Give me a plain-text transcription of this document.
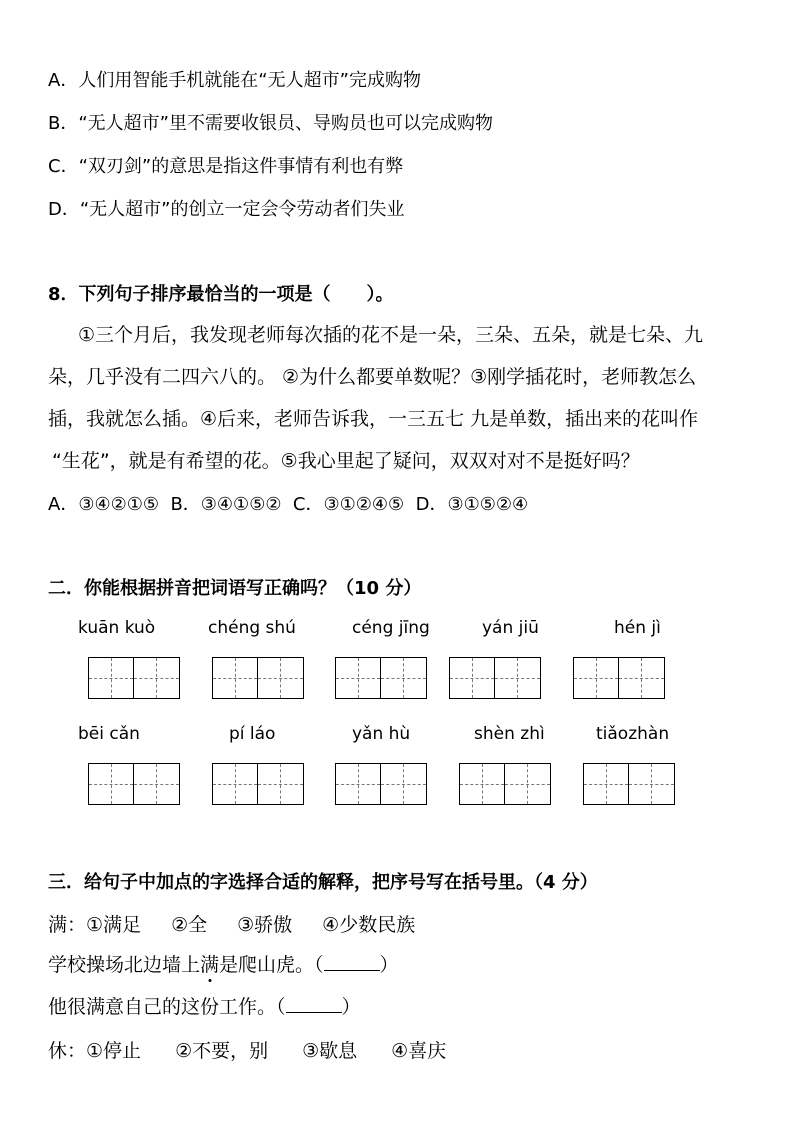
A．人们用智能手机就能在“无人超市”完成购物
B．“无人超市”里不需要收银员、导购员也可以完成购物
C．“双刃剑”的意思是指这件事情有利也有弊
D．“无人超市”的创立一定会令劳动者们失业
8．下列句子排序最恰当的一项是（　　）。
①三个月后，我发现老师每次插的花不是一朵，三朵、五朵，就是七朵、九
朵，几乎没有二四六八的。 ②为什么都要单数呢？③刚学插花时，老师教怎么
插，我就怎么插。④后来，老师告诉我，一三五七 九是单数，插出来的花叫作
“生花”，就是有希望的花。⑤我心里起了疑问，双双对对不是挺好吗？
A．③④②①⑤  B．③④①⑤②  C．③①②④⑤  D．③①⑤②④
二．你能根据拼音把词语写正确吗？（10 分）
kuān kuò	chéng shú	céng jīng	yán jiū	hén jì
bēi cǎn	pí láo	yǎn hù	shèn zhì	tiǎozhàn
三．给句子中加点的字选择合适的解释，把序号写在括号里。（4 分）
满：①满足 ②全 ③骄傲 ④少数民族
学校操场北边墙上满是爬山虎。（	）
他很满意自己的这份工作。（	）
休：①停止 ②不要，别 ③歇息 ④喜庆
